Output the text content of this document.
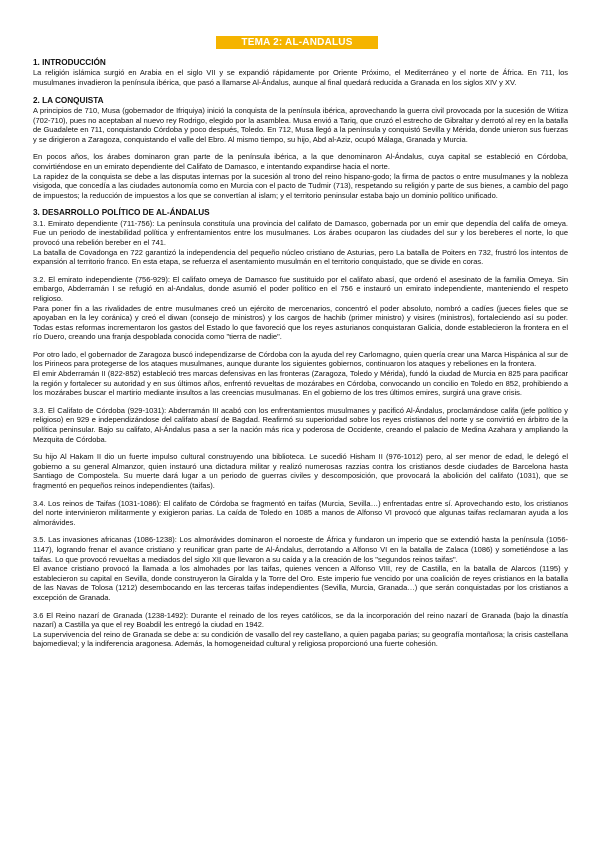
TEMA 2: AL-ANDALUS
1. INTRODUCCIÓN

La religión islámica surgió en Arabia en el siglo VII y se expandió rápidamente por Oriente Próximo, el Mediterráneo y el norte de África. En 711, los musulmanes invadieron la península ibérica, que pasó a llamarse Al-Ándalus, aunque al final quedará reducida a Granada en los siglos XIV y XV.

2. LA CONQUISTA

A principios de 710, Musa (gobernador de Ifriquiya) inició la conquista de la península ibérica, aprovechando la guerra civil provocada por la sucesión de Witiza (702-710), pues no aceptaban al nuevo rey Rodrigo, elegido por la asamblea. Musa envió a Tariq, que cruzó el estrecho de Gibraltar y derrotó al rey en la batalla de Guadalete en 711, conquistando Córdoba y poco después, Toledo. En 712, Musa llegó a la península y conquistó Sevilla y Mérida, donde unieron sus fuerzas y se dirigieron a Zaragoza, conquistando el valle del Ebro. Al mismo tiempo, su hijo, Abd al-Aziz, ocupó Málaga, Granada y Murcia.

En pocos años, los árabes dominaron gran parte de la península ibérica, a la que denominaron Al-Ándalus, cuya capital se estableció en Córdoba, convirtiéndose en un emirato dependiente del Califato de Damasco, e intentando expandirse hacia el norte.

La rapidez de la conquista se debe a las disputas internas por la sucesión al trono del reino hispano-godo; la firma de pactos o entre musulmanes y la nobleza visigoda, que concedía a las ciudades autonomía como en Murcia con el pacto de Tudmir (713), respetando su religión y parte de sus bienes, a cambio del pago de impuestos; la reducción de impuestos a los que se convertían al islam; y el territorio peninsular estaba bajo un dominio político unificado.

3. DESARROLLO POLÍTICO DE AL-ÁNDALUS

3.1. Emirato dependiente (711-756): La península constituía una provincia del califato de Damasco, gobernada por un emir que dependía del califa de omeya. Fue un periodo de inestabilidad política y enfrentamientos entre los musulmanes. Los árabes ocuparon las ciudades del sur y los bereberes el norte, lo que provocó una rebelión bereber en el 741.

La batalla de Covadonga en 722 garantizó la independencia del pequeño núcleo cristiano de Asturias, pero La batalla de Poiters en 732, frustró los intentos de expansión al territorio franco. En esta etapa, se refuerza el asentamiento musulmán en el territorio conquistado, que se divide en coras.

3.2. El emirato independiente (756-929): El califato omeya de Damasco fue sustituido por el califato abasí, que ordenó el asesinato de la familia Omeya. Sin embargo, Abderramán I se refugió en al-Andalus, donde asumió el poder político en el 756 e instauró un emirato independiente, manteniendo el respeto religioso.

Para poner fin a las rivalidades de entre musulmanes creó un ejército de mercenarios, concentró el poder absoluto, nombró a cadíes (jueces fieles que se apoyaban en la ley coránica) y creó el diwan (consejo de ministros) y los cargos de hachib (primer ministro) y visires (ministros), fortaleciendo así su poder. Todas estas reformas incrementaron los gastos del Estado lo que favoreció que los reyes asturianos conquistaran Galicia, donde establecieron la frontera en el río Duero, creando una franja despoblada conocida como "tierra de nadie".

Por otro lado, el gobernador de Zaragoza buscó independizarse de Córdoba con la ayuda del rey Carlomagno, quien quería crear una Marca Hispánica al sur de los Pirineos para protegerse de los ataques musulmanes, aunque durante los siguientes gobiernos, continuaron los ataques y rebeliones en la frontera.

El emir Abderramán II (822-852) estableció tres marcas defensivas en las fronteras (Zaragoza, Toledo y Mérida), fundó la ciudad de Murcia en 825 para pacificar la región y fortalecer su autoridad y en sus últimos años, enfrentó revueltas de mozárabes en Córdoba, convocando un concilio en Toledo en 852, prohibiendo a los mozárabes buscar el martirio mediante insultos a las creencias musulmanas. En el gobierno de los tres últimos emires, surgirá una grave crisis.

3.3. El Califato de Córdoba (929-1031): Abderramán III acabó con los enfrentamientos musulmanes y pacificó Al-Ándalus, proclamándose califa (jefe político y religioso) en 929 e independizándose del califato abasí de Bagdad. Reafirmó su superioridad sobre los reyes cristianos del norte y se convirtió en árbitro de la política peninsular. Bajo su califato, Al-Ándalus pasa a ser la nación más rica y poderosa de Occidente, creando el palacio de Medina Azahara y ampliando la Mezquita de Córdoba.

Su hijo Al Hakam II dio un fuerte impulso cultural construyendo una biblioteca. Le sucedió Hisham II (976-1012) pero, al ser menor de edad, le delegó el gobierno a su general Almanzor, quien instauró una dictadura militar y realizó numerosas razzias contra los cristianos desde ciudades de Barcelona hasta Santiago de Compostela. Su muerte dará lugar a un periodo de guerras civiles y descomposición, que provocará la abolición del califato (1031), que se fragmentó en pequeños reinos independientes (taifas).

3.4. Los reinos de Taifas (1031-1086): El califato de Córdoba se fragmentó en taifas (Murcia, Sevilla…) enfrentadas entre sí. Aprovechando esto, los cristianos del norte intervinieron militarmente y exigieron parias. La caída de Toledo en 1085 a manos de Alfonso VI provocó que algunas taifas reclamaran ayuda a los almorávides.

3.5. Las invasiones africanas (1086-1238): Los almorávides dominaron el noroeste de África y fundaron un imperio que se extendió hasta la península (1056-1147), logrando frenar el avance cristiano y reunificar gran parte de Al-Ándalus, derrotando a Alfonso VI en la batalla de Zalaca (1086) y sometiéndose a las taifas. Lo que provocó revueltas a mediados del siglo XII que llevaron a su caída y a la creación de los "segundos reinos taifas".

El avance cristiano provocó la llamada a los almohades por las taifas, quienes vencen a Alfonso VIII, rey de Castilla, en la batalla de Alarcos (1195) y establecieron su capital en Sevilla, donde construyeron la Giralda y la Torre del Oro. Este imperio fue vencido por una coalición de reyes cristianos en la batalla de las Navas de Tolosa (1212) desembocando en las terceras taifas independientes (Sevilla, Murcia, Granada…) que serán conquistadas por los cristianos a excepción de Granada.

3.6 El Reino nazarí de Granada (1238-1492): Durante el reinado de los reyes católicos, se da la incorporación del reino nazarí de Granada (bajo la dinastía nazarí) a Castilla ya que el rey Boabdil les entregó la ciudad en 1942.

La supervivencia del reino de Granada se debe a: su condición de vasallo del rey castellano, a quien pagaba parias; su geografía montañosa; la crisis castellana bajomedieval; y la indiferencia aragonesa. Además, la homogeneidad cultural y religiosa proporcionó una fuerte cohesión.
